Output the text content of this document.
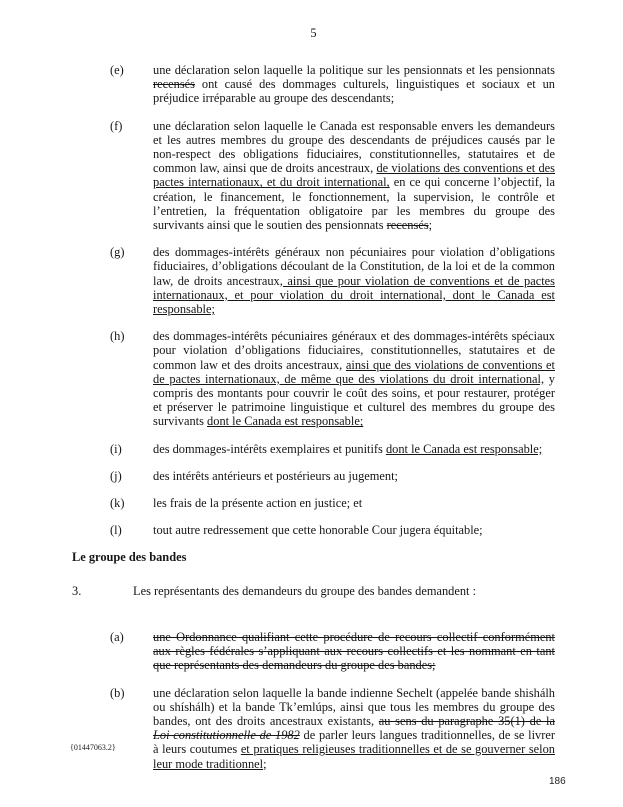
5
(e)	une déclaration selon laquelle la politique sur les pensionnats et les pensionnats recensés ont causé des dommages culturels, linguistiques et sociaux et un préjudice irréparable au groupe des descendants;
(f)	une déclaration selon laquelle le Canada est responsable envers les demandeurs et les autres membres du groupe des descendants de préjudices causés par le non-respect des obligations fiduciaires, constitutionnelles, statutaires et de common law, ainsi que de droits ancestraux, de violations des conventions et des pactes internationaux, et du droit international, en ce qui concerne l’objectif, la création, le financement, le fonctionnement, la supervision, le contrôle et l’entretien, la fréquentation obligatoire par les membres du groupe des survivants ainsi que le soutien des pensionnats recensés;
(g)	des dommages-intérêts généraux non pécuniaires pour violation d’obligations fiduciaires, d’obligations découlant de la Constitution, de la loi et de la common law, de droits ancestraux, ainsi que pour violation de conventions et de pactes internationaux, et pour violation du droit international, dont le Canada est responsable;
(h)	des dommages-intérêts pécuniaires généraux et des dommages-intérêts spéciaux pour violation d’obligations fiduciaires, constitutionnelles, statutaires et de common law et des droits ancestraux, ainsi que des violations de conventions et de pactes internationaux, de même que des violations du droit international, y compris des montants pour couvrir le coût des soins, et pour restaurer, protéger et préserver le patrimoine linguistique et culturel des membres du groupe des survivants dont le Canada est responsable;
(i)	des dommages-intérêts exemplaires et punitifs dont le Canada est responsable;
(j)	des intérêts antérieurs et postérieurs au jugement;
(k)	les frais de la présente action en justice; et
(l)	tout autre redressement que cette honorable Cour jugera équitable;
Le groupe des bandes
3.	Les représentants des demandeurs du groupe des bandes demandent :
(a)	une Ordonnance qualifiant cette procédure de recours collectif conformément aux règles fédérales s’appliquant aux recours collectifs et les nommant en tant que représentants des demandeurs du groupe des bandes;
(b)	une déclaration selon laquelle la bande indienne Sechelt (appelée bande shishálh ou shíshálh) et la bande Tk’emlúps, ainsi que tous les membres du groupe des bandes, ont des droits ancestraux existants, au sens du paragraphe 35(1) de la Loi constitutionnelle de 1982 de parler leurs langues traditionnelles, de se livrer à leurs coutumes et pratiques religieuses traditionnelles et de se gouverner selon leur mode traditionnel;
{01447063.2}
186
